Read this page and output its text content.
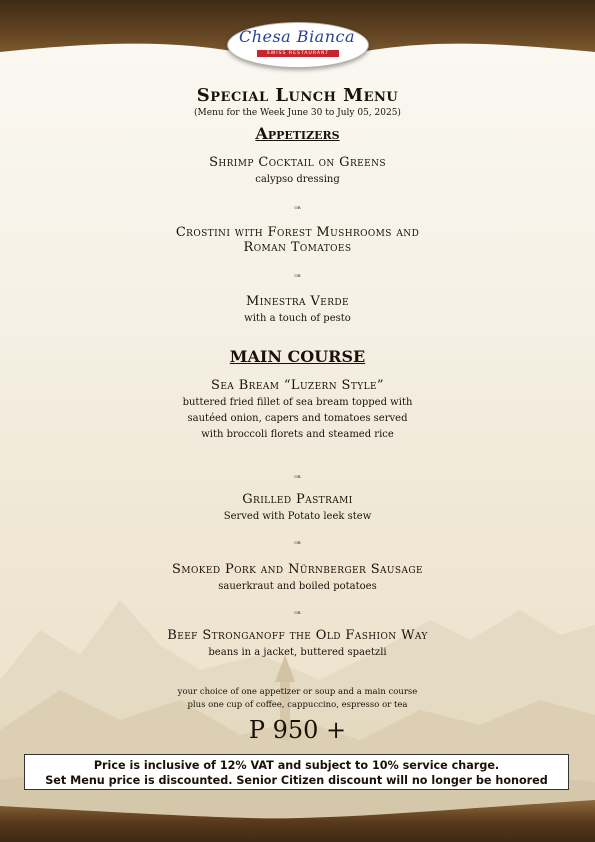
Chesa Bianca
SWISS RESTAURANT
Special Lunch Menu
(Menu for the Week June 30 to July 05, 2025)
Appetizers
Shrimp Cocktail on Greens
calypso dressing
or
Crostini with Forest Mushrooms and
Roman Tomatoes
or
Minestra Verde
with a touch of pesto
MAIN COURSE
Sea Bream “Luzern Style”
buttered fried fillet of sea bream topped with
sautéed onion, capers and tomatoes served
with broccoli florets and steamed rice
or
Grilled Pastrami
Served with Potato leek stew
or
Smoked Pork and Nürnberger Sausage
sauerkraut and boiled potatoes
or
Beef Stronganoff the Old Fashion Way
beans in a jacket, buttered spaetzli
your choice of one appetizer or soup and a main course
plus one cup of coffee, cappuccino, espresso or tea
P 950 +
Price is inclusive of 12% VAT and subject to 10% service charge.
Set Menu price is discounted. Senior Citizen discount will no longer be honored
